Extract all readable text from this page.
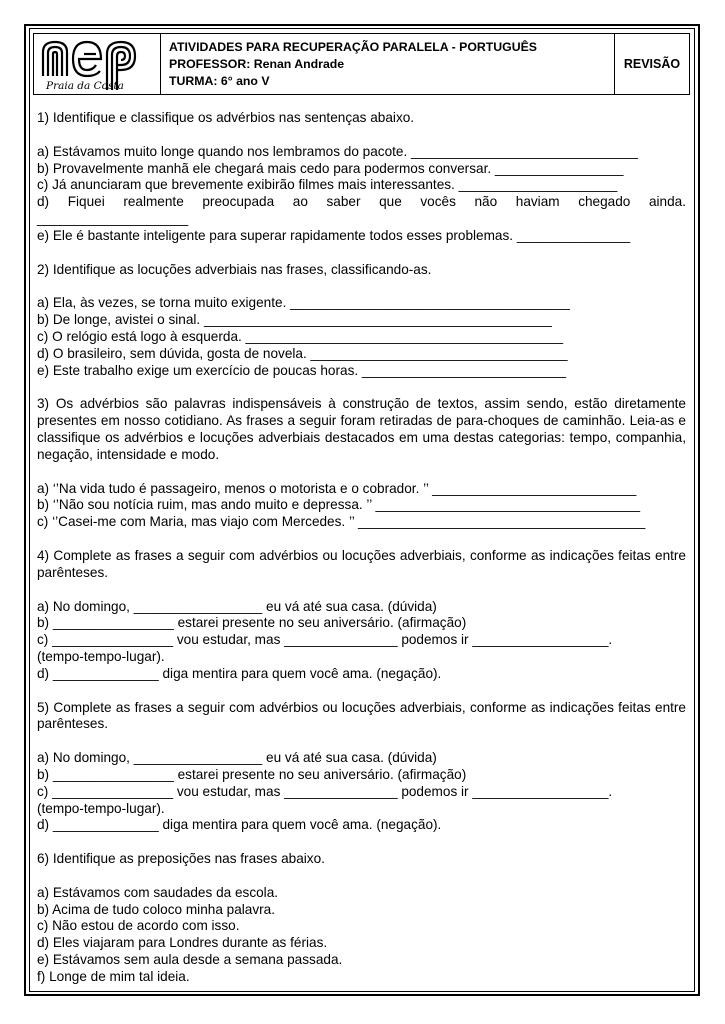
Praia da Costa
ATIVIDADES PARA RECUPERAÇÃO PARALELA - PORTUGUÊS
PROFESSOR: Renan Andrade
TURMA: 6° ano V
REVISÃO
1) Identifique e classifique os advérbios nas sentenças abaixo.
a) Estávamos muito longe quando nos lembramos do pacote. ______________________________
b) Provavelmente manhã ele chegará mais cedo para podermos conversar. _________________
c) Já anunciaram que brevemente exibirão filmes mais interessantes. _____________________
d) Fiquei realmente preocupada ao saber que vocês não haviam chegado ainda.
____________________
e) Ele é bastante inteligente para superar rapidamente todos esses problemas. _______________
2) Identifique as locuções adverbiais nas frases, classificando-as.
a) Ela, às vezes, se torna muito exigente. _____________________________________
b) De longe, avistei o sinal. ______________________________________________
c) O relógio está logo à esquerda. __________________________________________
d) O brasileiro, sem dúvida, gosta de novela. __________________________________
e) Este trabalho exige um exercício de poucas horas. ___________________________
3) Os advérbios são palavras indispensáveis à construção de textos, assim sendo, estão diretamente presentes em nosso cotidiano. As frases a seguir foram retiradas de para-choques de caminhão. Leia-as e classifique os advérbios e locuções adverbiais destacados em uma destas categorias: tempo, companhia, negação, intensidade e modo.
a) ‘’Na vida tudo é passageiro, menos o motorista e o cobrador. ’’ ___________________________
b) ‘’Não sou notícia ruim, mas ando muito e depressa. ’’ ___________________________________
c) ‘’Casei-me com Maria, mas viajo com Mercedes. ’’ ______________________________________
4) Complete as frases a seguir com advérbios ou locuções adverbiais, conforme as indicações feitas entre parênteses.
a) No domingo, _________________ eu vá até sua casa. (dúvida)
b) ________________ estarei presente no seu aniversário. (afirmação)
c) ________________ vou estudar, mas _______________ podemos ir __________________.
(tempo-tempo-lugar).
d) ______________ diga mentira para quem você ama. (negação).
5) Complete as frases a seguir com advérbios ou locuções adverbiais, conforme as indicações feitas entre parênteses.
a) No domingo, _________________ eu vá até sua casa. (dúvida)
b) ________________ estarei presente no seu aniversário. (afirmação)
c) ________________ vou estudar, mas _______________ podemos ir __________________.
(tempo-tempo-lugar).
d) ______________ diga mentira para quem você ama. (negação).
6) Identifique as preposições nas frases abaixo.
a) Estávamos com saudades da escola.
b) Acima de tudo coloco minha palavra.
c) Não estou de acordo com isso.
d) Eles viajaram para Londres durante as férias.
e) Estávamos sem aula desde a semana passada.
f) Longe de mim tal ideia.
